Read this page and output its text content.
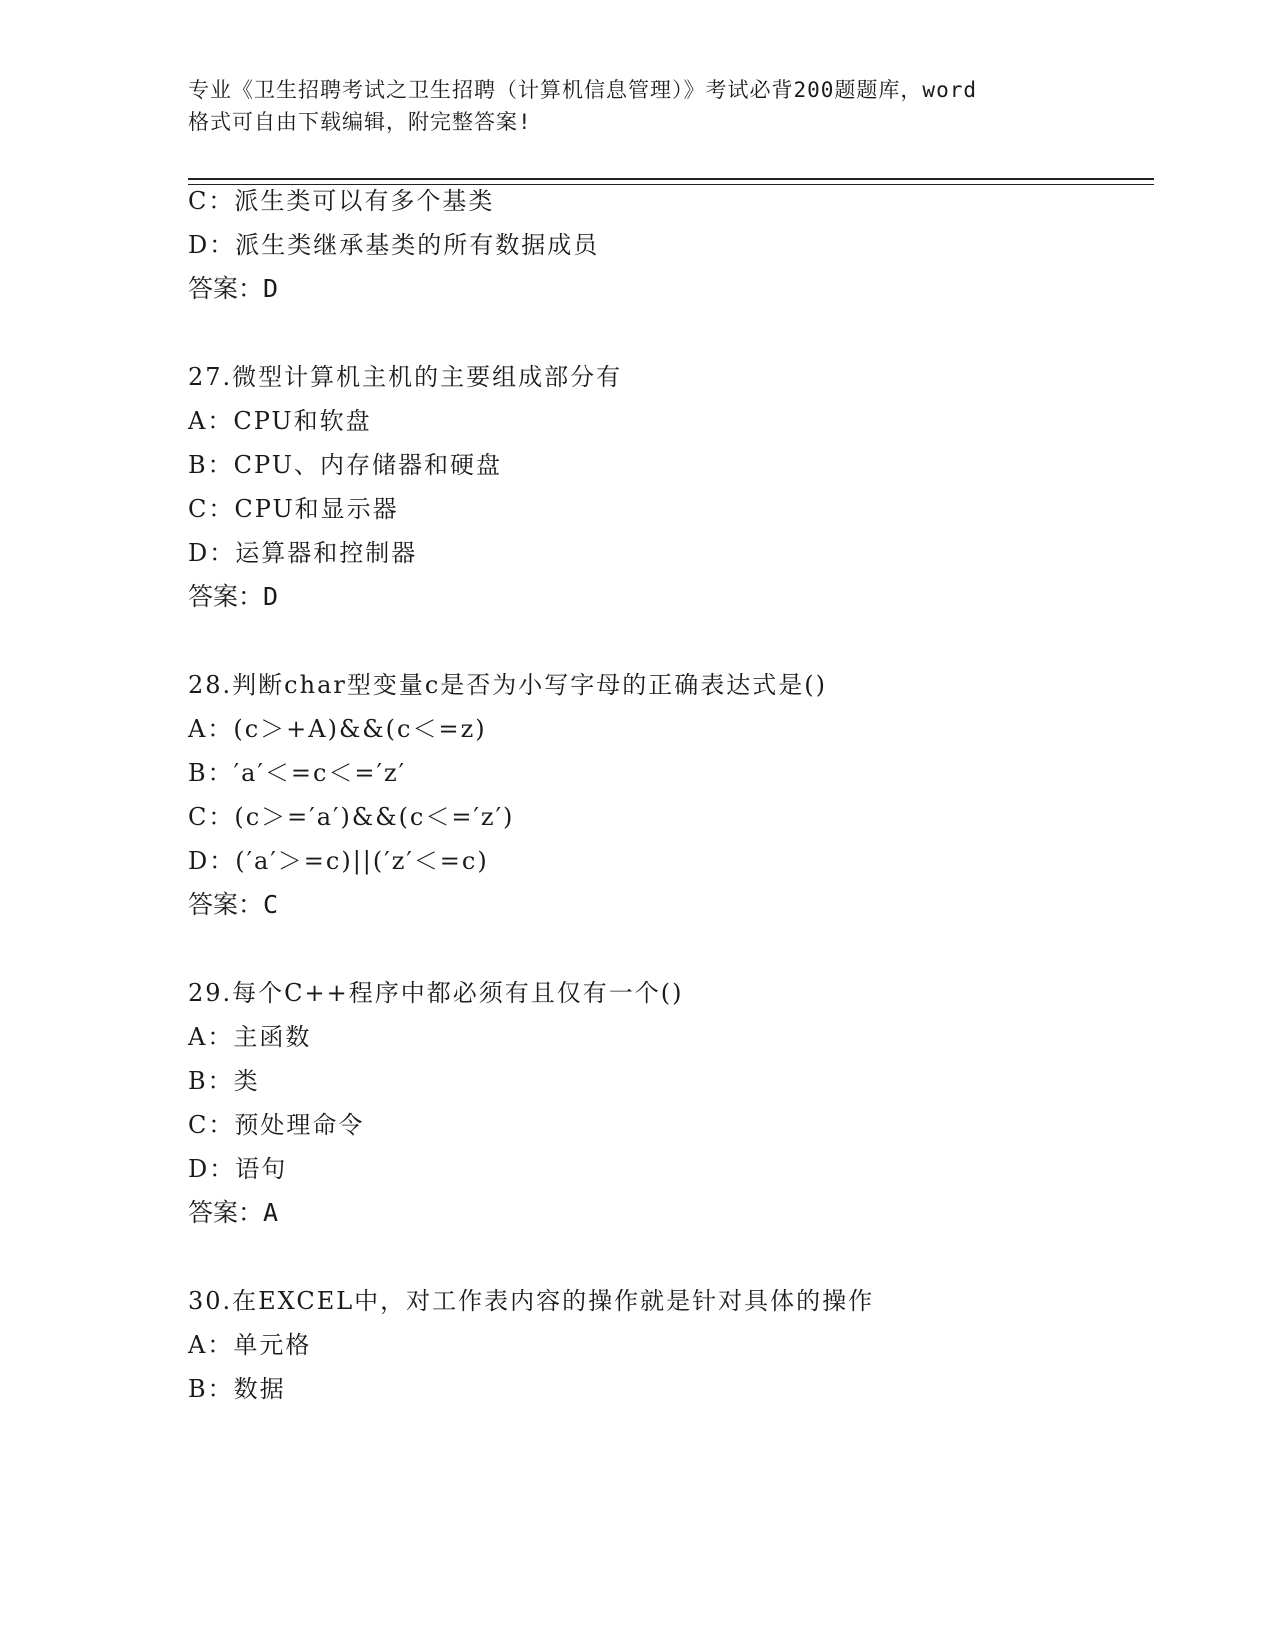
专业《卫生招聘考试之卫生招聘（计算机信息管理）》考试必背200题题库，word
格式可自由下载编辑，附完整答案!
C：派生类可以有多个基类
D：派生类继承基类的所有数据成员
答案：D
27.微型计算机主机的主要组成部分有
A：CPU和软盘
B：CPU、内存储器和硬盘
C：CPU和显示器
D：运算器和控制器
答案：D
28.判断char型变量c是否为小写字母的正确表达式是()
A：(c＞+A)&&(c＜=z)
B：′a′＜=c＜=′z′
C：(c＞=′a′)&&(c＜=′z′)
D：(′a′＞=c)||(′z′＜=c)
答案：C
29.每个C++程序中都必须有且仅有一个()
A：主函数
B：类
C：预处理命令
D：语句
答案：A
30.在EXCEL中，对工作表内容的操作就是针对具体的操作
A：单元格
B：数据
